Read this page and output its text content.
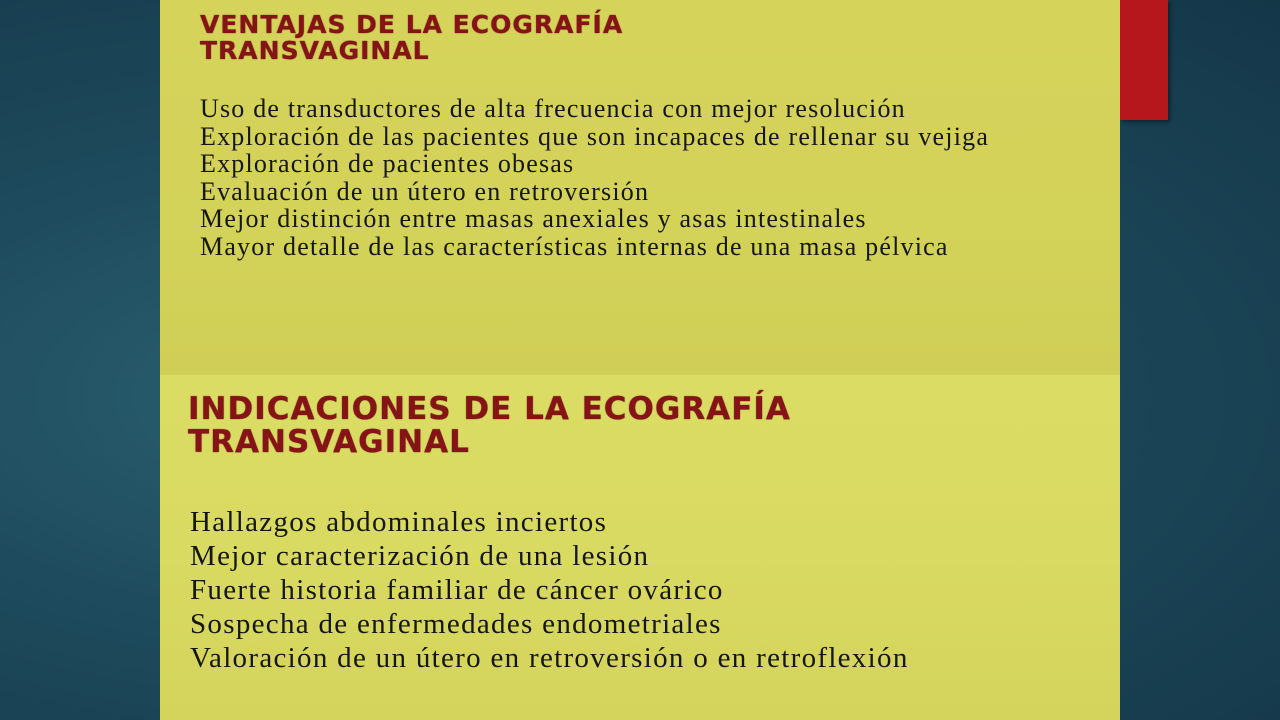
VENTAJAS DE LA ECOGRAFÍA
TRANSVAGINAL
Uso de transductores de alta frecuencia con mejor resolución
Exploración de las pacientes que son incapaces de rellenar su vejiga
Exploración de pacientes obesas
Evaluación de un útero en retroversión
Mejor distinción entre masas anexiales y asas intestinales
Mayor detalle de las características internas de una masa pélvica
INDICACIONES DE LA ECOGRAFÍA
TRANSVAGINAL
Hallazgos abdominales inciertos
Mejor caracterización de una lesión
Fuerte historia familiar de cáncer ovárico
Sospecha de enfermedades endometriales
Valoración de un útero en retroversión o en retroflexión
